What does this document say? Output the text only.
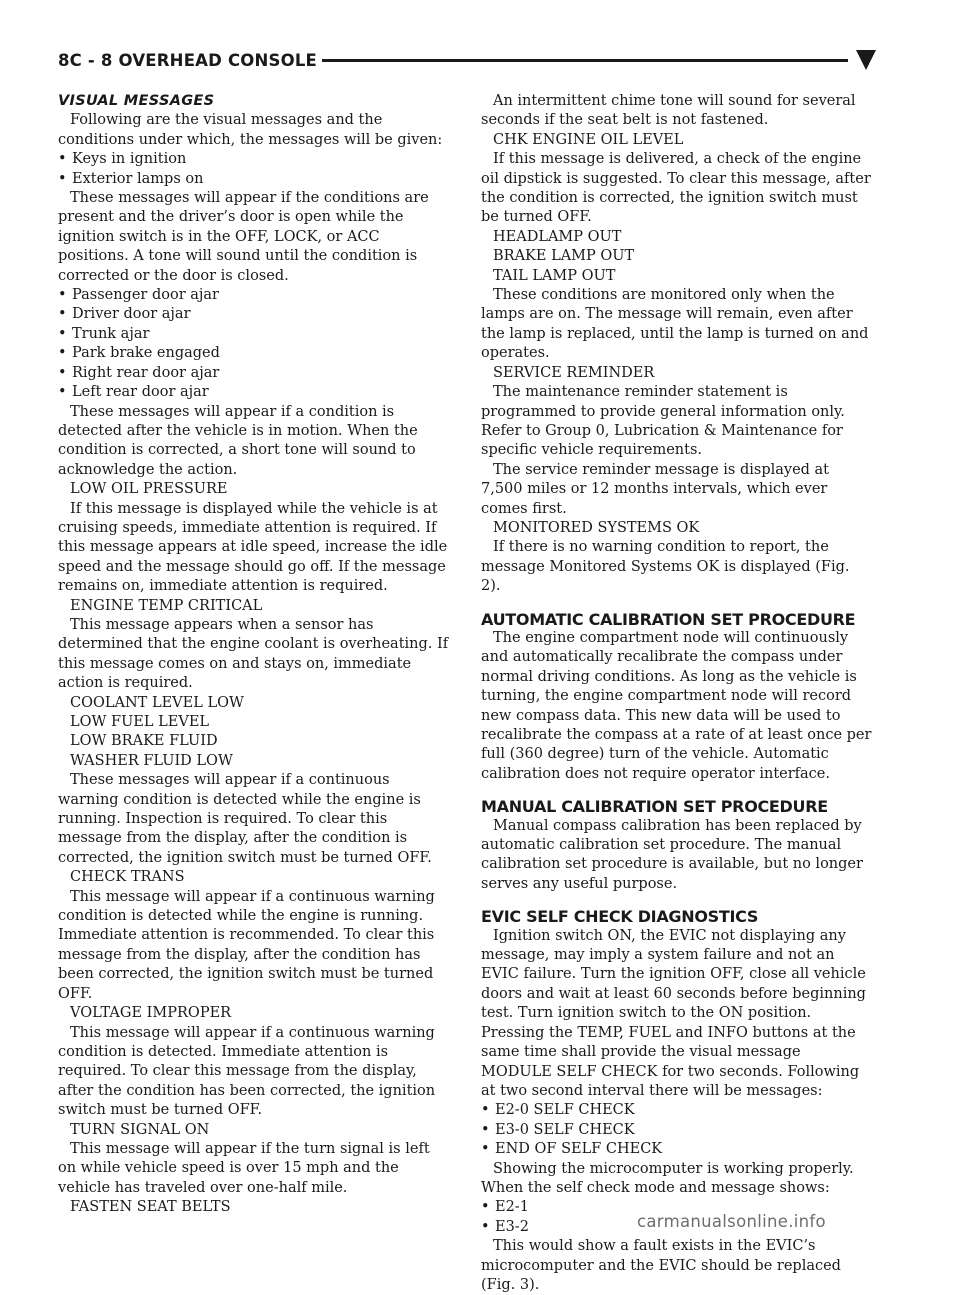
8C - 8 OVERHEAD CONSOLE

VISUAL MESSAGES

Following are the visual messages and the conditions under which, the messages will be given:

• Keys in ignition

• Exterior lamps on

These messages will appear if the conditions are present and the driver’s door is open while the ignition switch is in the OFF, LOCK, or ACC positions. A tone will sound until the condition is corrected or the door is closed.

• Passenger door ajar

• Driver door ajar

• Trunk ajar

• Park brake engaged

• Right rear door ajar

• Left rear door ajar

These messages will appear if a condition is detected after the vehicle is in motion. When the condition is corrected, a short tone will sound to acknowledge the action.

LOW OIL PRESSURE

If this message is displayed while the vehicle is at cruising speeds, immediate attention is required. If this message appears at idle speed, increase the idle speed and the message should go off. If the message remains on, immediate attention is required.

ENGINE TEMP CRITICAL

This message appears when a sensor has determined that the engine coolant is overheating. If this message comes on and stays on, immediate action is required.

COOLANT LEVEL LOW

LOW FUEL LEVEL

LOW BRAKE FLUID

WASHER FLUID LOW

These messages will appear if a continuous warning condition is detected while the engine is running. Inspection is required. To clear this message from the display, after the condition is corrected, the ignition switch must be turned OFF.

CHECK TRANS

This message will appear if a continuous warning condition is detected while the engine is running. Immediate attention is recommended. To clear this message from the display, after the condition has been corrected, the ignition switch must be turned OFF.

VOLTAGE IMPROPER

This message will appear if a continuous warning condition is detected. Immediate attention is required. To clear this message from the display, after the condition has been corrected, the ignition switch must be turned OFF.

TURN SIGNAL ON

This message will appear if the turn signal is left on while vehicle speed is over 15 mph and the vehicle has traveled over one-half mile.

FASTEN SEAT BELTS

An intermittent chime tone will sound for several seconds if the seat belt is not fastened.

CHK ENGINE OIL LEVEL

If this message is delivered, a check of the engine oil dipstick is suggested. To clear this message, after the condition is corrected, the ignition switch must be turned OFF.

HEADLAMP OUT

BRAKE LAMP OUT

TAIL LAMP OUT

These conditions are monitored only when the lamps are on. The message will remain, even after the lamp is replaced, until the lamp is turned on and operates.

SERVICE REMINDER

The maintenance reminder statement is programmed to provide general information only. Refer to Group 0, Lubrication & Maintenance for specific vehicle requirements.

The service reminder message is displayed at 7,500 miles or 12 months intervals, which ever comes first.

MONITORED SYSTEMS OK

If there is no warning condition to report, the message Monitored Systems OK is displayed (Fig. 2).

AUTOMATIC CALIBRATION SET PROCEDURE

The engine compartment node will continuously and automatically recalibrate the compass under normal driving conditions. As long as the vehicle is turning, the engine compartment node will record new compass data. This new data will be used to recalibrate the compass at a rate of at least once per full (360 degree) turn of the vehicle. Automatic calibration does not require operator interface.

MANUAL CALIBRATION SET PROCEDURE

Manual compass calibration has been replaced by automatic calibration set procedure. The manual calibration set procedure is available, but no longer serves any useful purpose.

EVIC SELF CHECK DIAGNOSTICS

Ignition switch ON, the EVIC not displaying any message, may imply a system failure and not an EVIC failure. Turn the ignition OFF, close all vehicle doors and wait at least 60 seconds before beginning test. Turn ignition switch to the ON position. Pressing the TEMP, FUEL and INFO buttons at the same time shall provide the visual message MODULE SELF CHECK for two seconds. Following at two second interval there will be messages:

• E2-0 SELF CHECK

• E3-0 SELF CHECK

• END OF SELF CHECK

Showing the microcomputer is working properly. When the self check mode and message shows:

• E2-1

• E3-2

This would show a fault exists in the EVIC’s microcomputer and the EVIC should be replaced (Fig. 3).

carmanualsonline.info
